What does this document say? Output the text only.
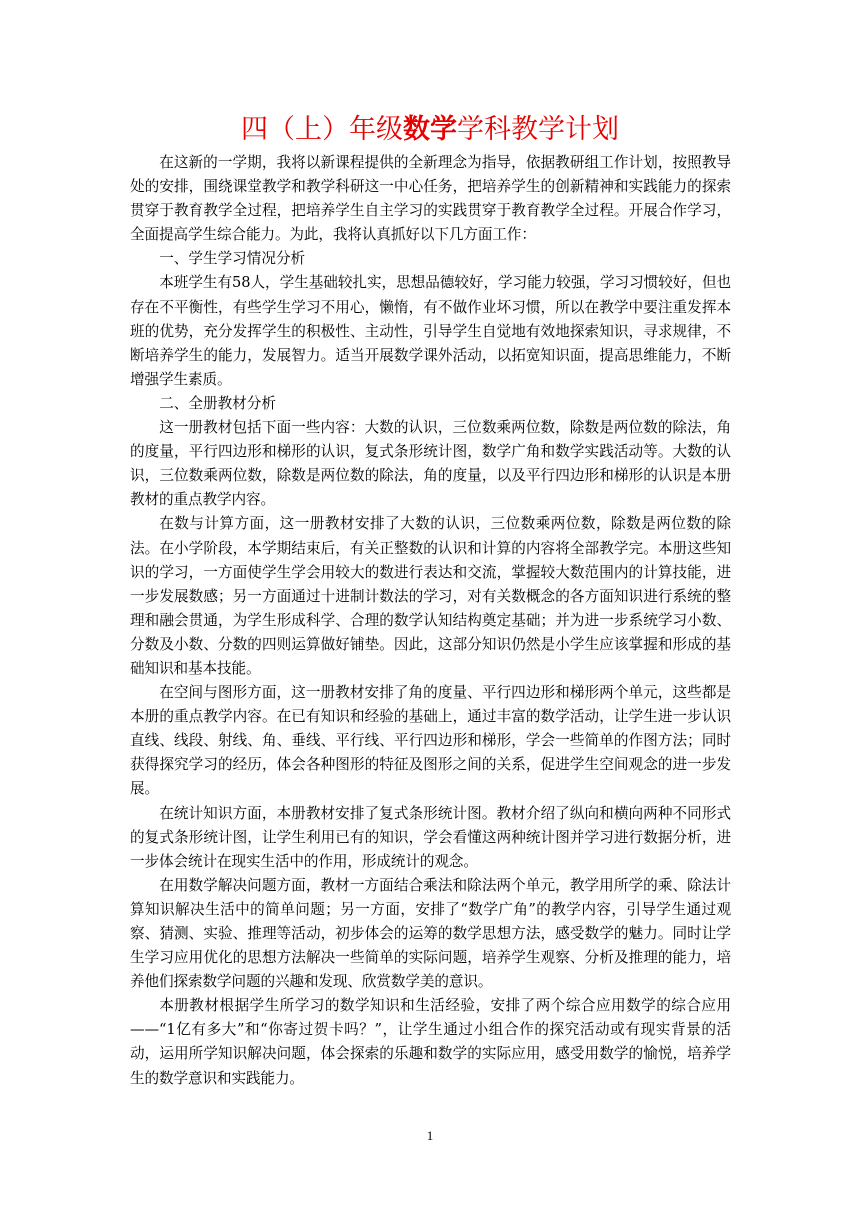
四（上）年级数学学科教学计划

在这新的一学期，我将以新课程提供的全新理念为指导，依据教研组工作计划，按照教导处的安排，围绕课堂教学和教学科研这一中心任务，把培养学生的创新精神和实践能力的探索贯穿于教育教学全过程，把培养学生自主学习的实践贯穿于教育教学全过程。开展合作学习，全面提高学生综合能力。为此，我将认真抓好以下几方面工作：

一、学生学习情况分析

本班学生有58人，学生基础较扎实，思想品德较好，学习能力较强，学习习惯较好，但也存在不平衡性，有些学生学习不用心，懒惰，有不做作业坏习惯，所以在教学中要注重发挥本班的优势，充分发挥学生的积极性、主动性，引导学生自觉地有效地探索知识，寻求规律，不断培养学生的能力，发展智力。适当开展数学课外活动，以拓宽知识面，提高思维能力，不断增强学生素质。

二、全册教材分析

这一册教材包括下面一些内容：大数的认识，三位数乘两位数，除数是两位数的除法，角的度量，平行四边形和梯形的认识，复式条形统计图，数学广角和数学实践活动等。大数的认识，三位数乘两位数，除数是两位数的除法，角的度量，以及平行四边形和梯形的认识是本册教材的重点教学内容。

在数与计算方面，这一册教材安排了大数的认识，三位数乘两位数，除数是两位数的除法。在小学阶段，本学期结束后，有关正整数的认识和计算的内容将全部教学完。本册这些知识的学习，一方面使学生学会用较大的数进行表达和交流，掌握较大数范围内的计算技能，进一步发展数感；另一方面通过十进制计数法的学习，对有关数概念的各方面知识进行系统的整理和融会贯通，为学生形成科学、合理的数学认知结构奠定基础；并为进一步系统学习小数、分数及小数、分数的四则运算做好铺垫。因此，这部分知识仍然是小学生应该掌握和形成的基础知识和基本技能。

在空间与图形方面，这一册教材安排了角的度量、平行四边形和梯形两个单元，这些都是本册的重点教学内容。在已有知识和经验的基础上，通过丰富的数学活动，让学生进一步认识直线、线段、射线、角、垂线、平行线、平行四边形和梯形，学会一些简单的作图方法；同时获得探究学习的经历，体会各种图形的特征及图形之间的关系，促进学生空间观念的进一步发展。

在统计知识方面，本册教材安排了复式条形统计图。教材介绍了纵向和横向两种不同形式的复式条形统计图，让学生利用已有的知识，学会看懂这两种统计图并学习进行数据分析，进一步体会统计在现实生活中的作用，形成统计的观念。

在用数学解决问题方面，教材一方面结合乘法和除法两个单元，教学用所学的乘、除法计算知识解决生活中的简单问题；另一方面，安排了“数学广角”的教学内容，引导学生通过观察、猜测、实验、推理等活动，初步体会的运筹的数学思想方法，感受数学的魅力。同时让学生学习应用优化的思想方法解决一些简单的实际问题，培养学生观察、分析及推理的能力，培养他们探索数学问题的兴趣和发现、欣赏数学美的意识。

本册教材根据学生所学习的数学知识和生活经验，安排了两个综合应用数学的综合应用——“1亿有多大”和“你寄过贺卡吗？”，让学生通过小组合作的探究活动或有现实背景的活动，运用所学知识解决问题，体会探索的乐趣和数学的实际应用，感受用数学的愉悦，培养学生的数学意识和实践能力。

1
